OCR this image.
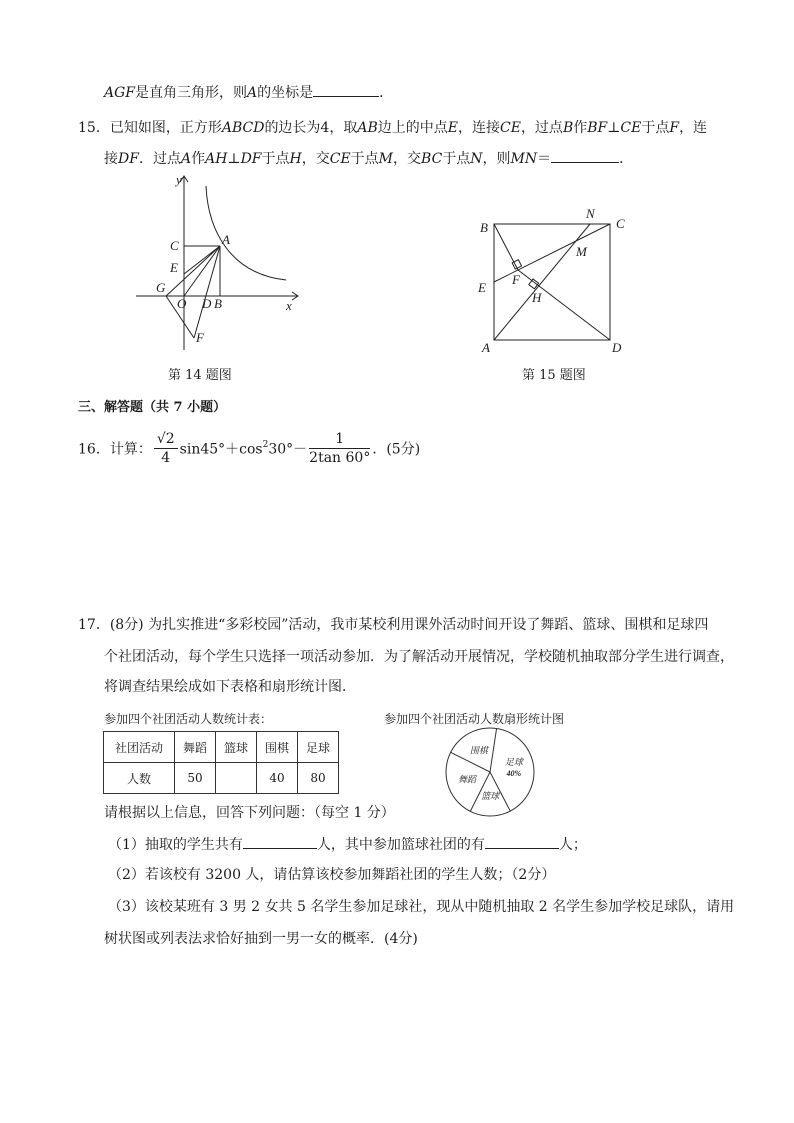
AGF是直角三角形，则A的坐标是	．
15．已知如图，正方形ABCD的边长为4，取AB边上的中点E，连接CE，过点B作BF⊥CE于点F，连
接DF．过点A作AH⊥DF于点H，交CE于点M，交BC于点N，则MN＝	．
y
C	A
E
G
O D B	x
F
第 14 题图
B
N
C
M
E
F
H
A	D
第 15 题图
三、解答题（共 7 小题）
16．计算： $\frac{√2}{4} \sin 45^\circ+\cos^230^\circ- \frac{1}{2\tan 60^\circ}$ ．(5分)
17．(8分) 为扎实推进“多彩校园”活动，我市某校利用课外活动时间开设了舞蹈、篮球、围棋和足球四
个社团活动，每个学生只选择一项活动参加．为了解活动开展情况，学校随机抽取部分学生进行调查，
将调查结果绘成如下表格和扇形统计图．
参加四个社团活动人数统计表：	参加四个社团活动人数扇形统计图
社团活动	舞蹈	篮球	围棋	足球
人数	50		40	80
足球
40%
篮球
舞蹈
围棋
请根据以上信息，回答下列问题：（每空 1 分）
（1）抽取的学生共有	人，其中参加篮球社团的有	人；
（2）若该校有 3200 人，请估算该校参加舞蹈社团的学生人数；（2分）
（3）该校某班有 3 男 2 女共 5 名学生参加足球社，现从中随机抽取 2 名学生参加学校足球队，请用
树状图或列表法求恰好抽到一男一女的概率．(4分)
